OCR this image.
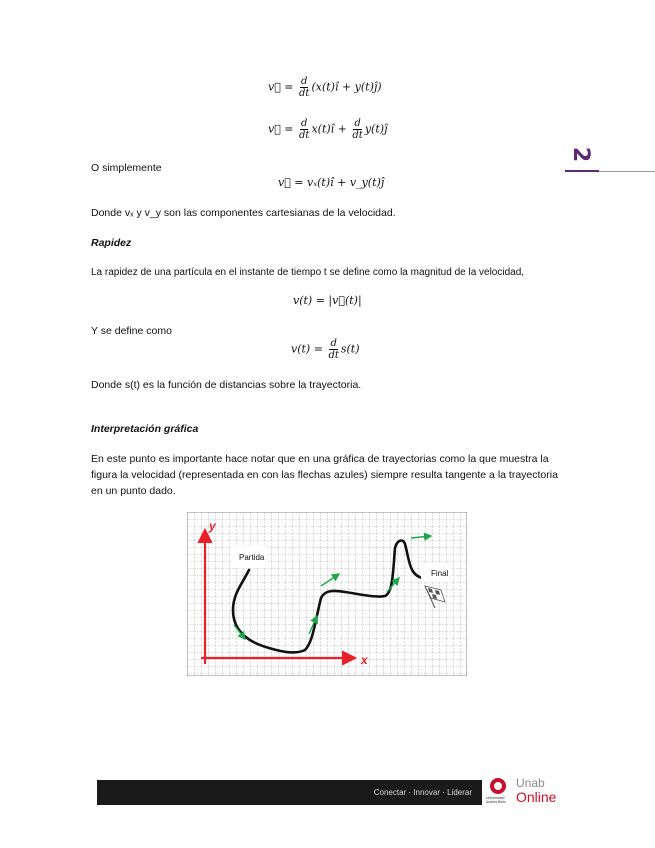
2
v⃗ = $\frac{d}{dt}$ (x(t)î + y(t)ĵ)
v⃗ = $\frac{d}{dt}$ x(t)î + $\frac{d}{dt}$ y(t)ĵ
O simplemente
v⃗ = vₓ(t)î + v_y(t)ĵ
Donde vₓ y v_y son las componentes cartesianas de la velocidad.
Rapidez
La rapidez de una partícula en el instante de tiempo t se define como la magnitud de la velocidad,
v(t) = |v⃗(t)|
Y se define como
$v(t) = \frac{d}{dt} s(t)$
Donde s(t) es la función de distancias sobre la trayectoria.
Interpretación gráfica
En este punto es importante hace notar que en una gráfica de trayectorias como la que muestra la figura la velocidad (representada en con las flechas azules) siempre resulta tangente a la trayectoria en un punto dado.
Partida
Final
y
x
Conectar · Innovar · Liderar
Universidad Andrés Bello
Unab
Online
